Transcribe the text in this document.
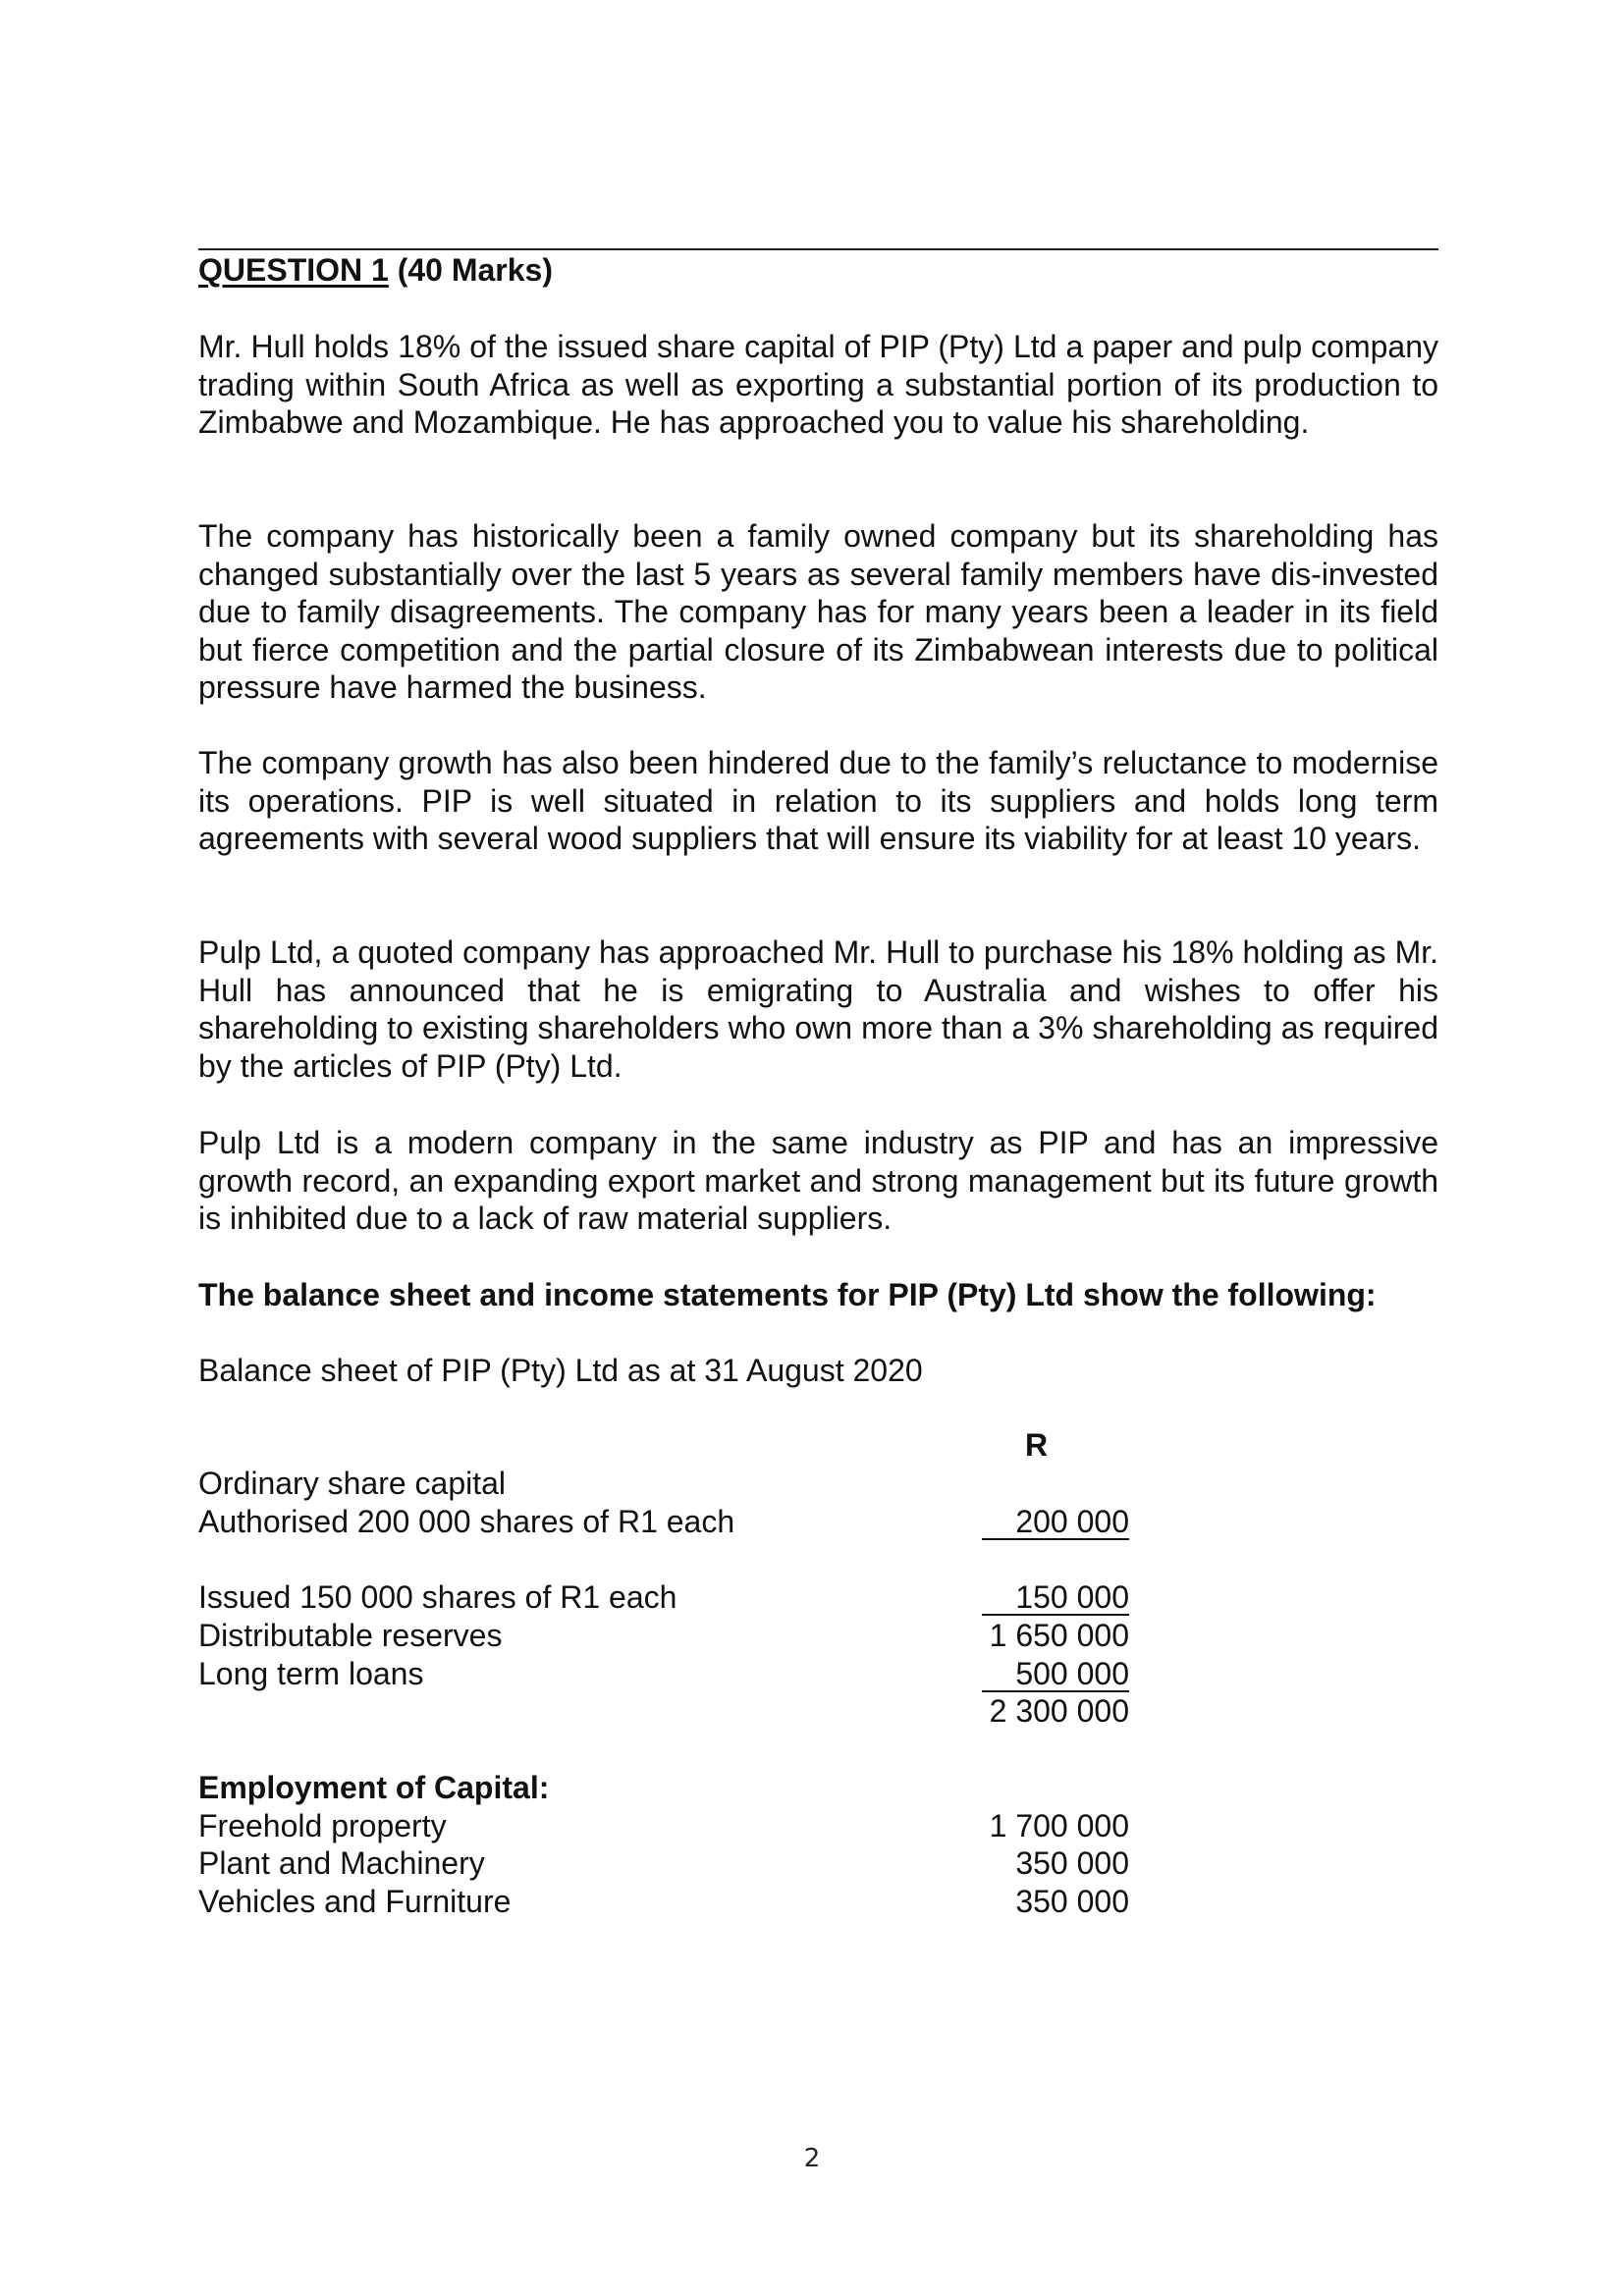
QUESTION 1 (40 Marks)

Mr. Hull holds 18% of the issued share capital of PIP (Pty) Ltd a paper and pulp company trading within South Africa as well as exporting a substantial portion of its production to Zimbabwe and Mozambique. He has approached you to value his shareholding.

The company has historically been a family owned company but its shareholding has changed substantially over the last 5 years as several family members have dis-invested due to family disagreements. The company has for many years been a leader in its field but fierce competition and the partial closure of its Zimbabwean interests due to political pressure have harmed the business.

The company growth has also been hindered due to the family’s reluctance to modernise its operations. PIP is well situated in relation to its suppliers and holds long term agreements with several wood suppliers that will ensure its viability for at least 10 years.

Pulp Ltd, a quoted company has approached Mr. Hull to purchase his 18% holding as Mr. Hull has announced that he is emigrating to Australia and wishes to offer his shareholding to existing shareholders who own more than a 3% shareholding as required by the articles of PIP (Pty) Ltd.

Pulp Ltd is a modern company in the same industry as PIP and has an impressive growth record, an expanding export market and strong management but its future growth is inhibited due to a lack of raw material suppliers.

The balance sheet and income statements for PIP (Pty) Ltd show the following:

Balance sheet of PIP (Pty) Ltd as at 31 August 2020

R
Ordinary share capital
Authorised 200 000 shares of R1 each	200 000
Issued 150 000 shares of R1 each	150 000
Distributable reserves	1 650 000
Long term loans	500 000
2 300 000
Employment of Capital:
Freehold property	1 700 000
Plant and Machinery	350 000
Vehicles and Furniture	350 000
2
